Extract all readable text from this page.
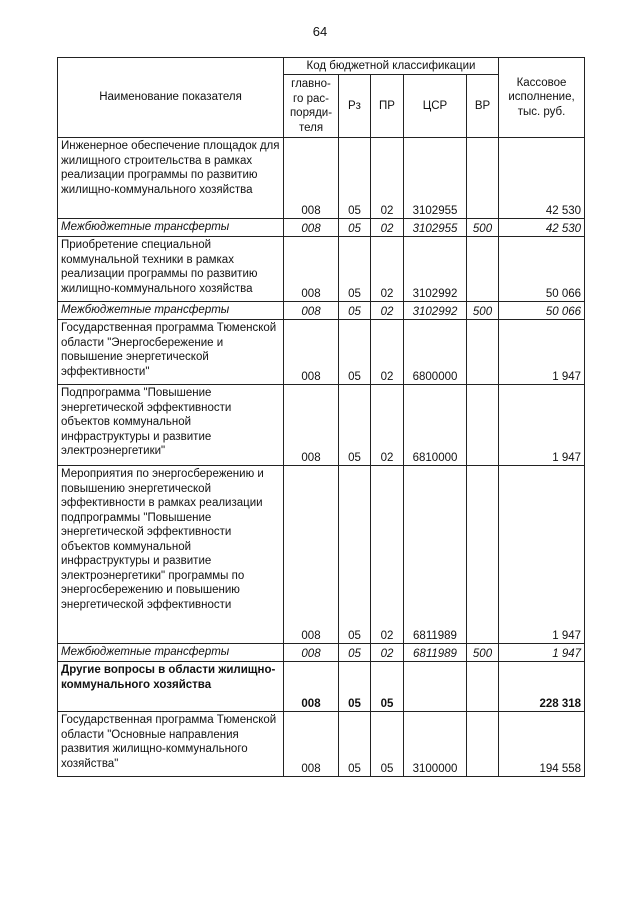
64
Наименование показателя	Код бюджетной классификации					Кассовое исполнение, тыс. руб.
	главно-го рас-поряди-теля	Рз	ПР	ЦСР	ВР	
Инженерное обеспечение площадок для жилищного строительства в рамках реализации программы по развитию жилищно-коммунального хозяйства	008	05	02	3102955		42 530
Межбюджетные трансферты	008	05	02	3102955	500	42 530
Приобретение специальной коммунальной техники в рамках реализации программы по развитию жилищно-коммунального хозяйства	008	05	02	3102992		50 066
Межбюджетные трансферты	008	05	02	3102992	500	50 066
Государственная программа Тюменской области "Энергосбережение и повышение энергетической эффективности"	008	05	02	6800000		1 947
Подпрограмма "Повышение энергетической эффективности объектов коммунальной инфраструктуры и развитие электроэнергетики"	008	05	02	6810000		1 947
Мероприятия по энергосбережению и повышению энергетической эффективности в рамках реализации подпрограммы "Повышение энергетической эффективности объектов коммунальной инфраструктуры и развитие электроэнергетики" программы по энергосбережению и повышению энергетической эффективности	008	05	02	6811989		1 947
Межбюджетные трансферты	008	05	02	6811989	500	1 947
Другие вопросы в области жилищно-коммунального хозяйства	008	05	05			228 318
Государственная программа Тюменской области "Основные направления развития жилищно-коммунального хозяйства"	008	05	05	3100000		194 558
